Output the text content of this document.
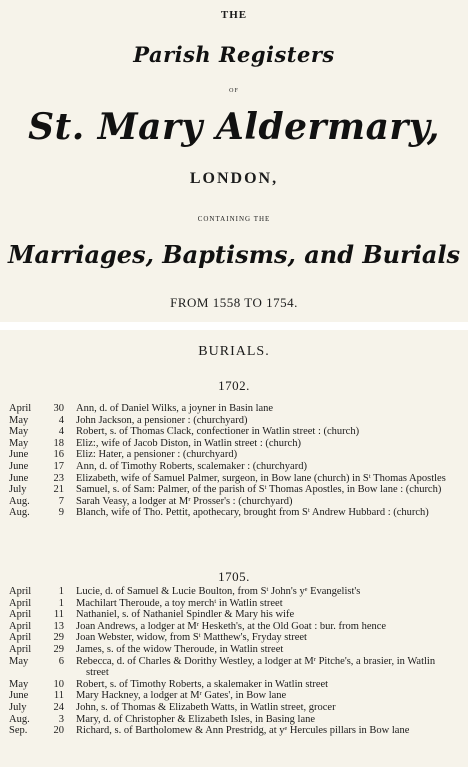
THE
Parish Registers
OF
St. Mary Aldermary,
LONDON,
CONTAINING THE
Marriages, Baptisms, and Burials
FROM 1558 TO 1754.
BURIALS.
1702.
April	30 Ann, d. of Daniel Wilks, a joyner in Basin lane
May	4 John Jackson, a pensioner : (churchyard)
May	4 Robert, s. of Thomas Clack, confectioner in Watlin street : (church)
May	18 Eliz:, wife of Jacob Diston, in Watlin street : (church)
June	16 Eliz: Hater, a pensioner : (churchyard)
June	17 Ann, d. of Timothy Roberts, scalemaker : (churchyard)
June	23 Elizabeth, wife of Samuel Palmer, surgeon, in Bow lane (church) in Sᵗ Thomas Apostles
July	21 Samuel, s. of Sam: Palmer, of the parish of Sᵗ Thomas Apostles, in Bow lane : (church)
Aug.	7 Sarah Veasy, a lodger at Mʳ Prosser's : (churchyard)
Aug.	9 Blanch, wife of Tho. Pettit, apothecary, brought from Sᵗ Andrew Hubbard : (church)
1705.
April	1 Lucie, d. of Samuel & Lucie Boulton, from Sᵗ John's yᵉ Evangelist's
April	1 Machilart Theroude, a toy merchᵗ in Watlin street
April	11 Nathaniel, s. of Nathaniel Spindler & Mary his wife
April	13 Joan Andrews, a lodger at Mʳ Hesketh's, at the Old Goat : bur. from hence
April	29 Joan Webster, widow, from Sᵗ Matthew's, Fryday street
April	29 James, s. of the widow Theroude, in Watlin street
May	6 Rebecca, d. of Charles & Dorithy Westley, a lodger at Mʳ Pitche's, a brasier, in Watlin street
May	10 Robert, s. of Timothy Roberts, a skalemaker in Watlin street
June	11 Mary Hackney, a lodger at Mʳ Gates', in Bow lane
July	24 John, s. of Thomas & Elizabeth Watts, in Watlin street, grocer
Aug.	3 Mary, d. of Christopher & Elizabeth Isles, in Basing lane
Sep.	20 Richard, s. of Bartholomew & Ann Prestridg, at yᵉ Hercules pillars in Bow lane
